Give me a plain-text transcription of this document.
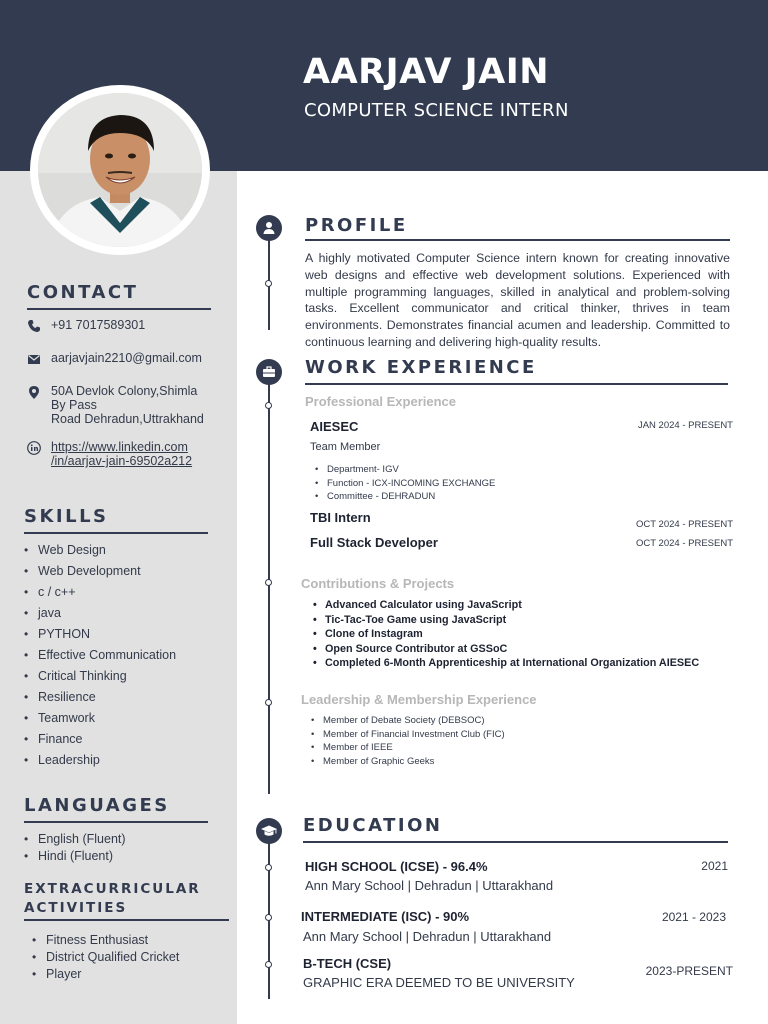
AARJAV JAIN
COMPUTER SCIENCE INTERN
CONTACT
+91 7017589301
aarjavjain2210@gmail.com
50A Devlok Colony,Shimla
By Pass
Road Dehradun,Uttrakhand
https://www.linkedin.com
/in/aarjav-jain-69502a212
SKILLS
• Web Design
• Web Development
• c / c++
• java
• PYTHON
• Effective Communication
• Critical Thinking
• Resilience
• Teamwork
• Finance
• Leadership
LANGUAGES
• English (Fluent)
• Hindi (Fluent)
EXTRACURRICULAR
ACTIVITIES
• Fitness Enthusiast
• District Qualified Cricket
• Player
PROFILE
A highly motivated Computer Science intern known for creating innovative web designs and effective web development solutions. Experienced with multiple programming languages, skilled in analytical and problem-solving tasks. Excellent communicator and critical thinker, thrives in team environments. Demonstrates financial acumen and leadership. Committed to continuous learning and delivering high-quality results.
WORK EXPERIENCE
Professional Experience
AIESEC	JAN 2024 - PRESENT
Team Member
• Department- IGV
• Function - ICX-INCOMING EXCHANGE
• Committee - DEHRADUN
TBI Intern	OCT 2024 - PRESENT
Full Stack Developer	OCT 2024 - PRESENT
Contributions & Projects
• Advanced Calculator using JavaScript
• Tic-Tac-Toe Game using JavaScript
• Clone of Instagram
• Open Source Contributor at GSSoC
• Completed 6-Month Apprenticeship at International Organization AIESEC
Leadership & Membership Experience
• Member of Debate Society (DEBSOC)
• Member of Financial Investment Club (FIC)
• Member of IEEE
• Member of Graphic Geeks
EDUCATION
HIGH SCHOOL (ICSE) - 96.4%	2021
Ann Mary School | Dehradun | Uttarakhand
INTERMEDIATE (ISC) - 90%	2021 - 2023
Ann Mary School | Dehradun | Uttarakhand
B-TECH (CSE)	2023-PRESENT
GRAPHIC ERA DEEMED TO BE UNIVERSITY
